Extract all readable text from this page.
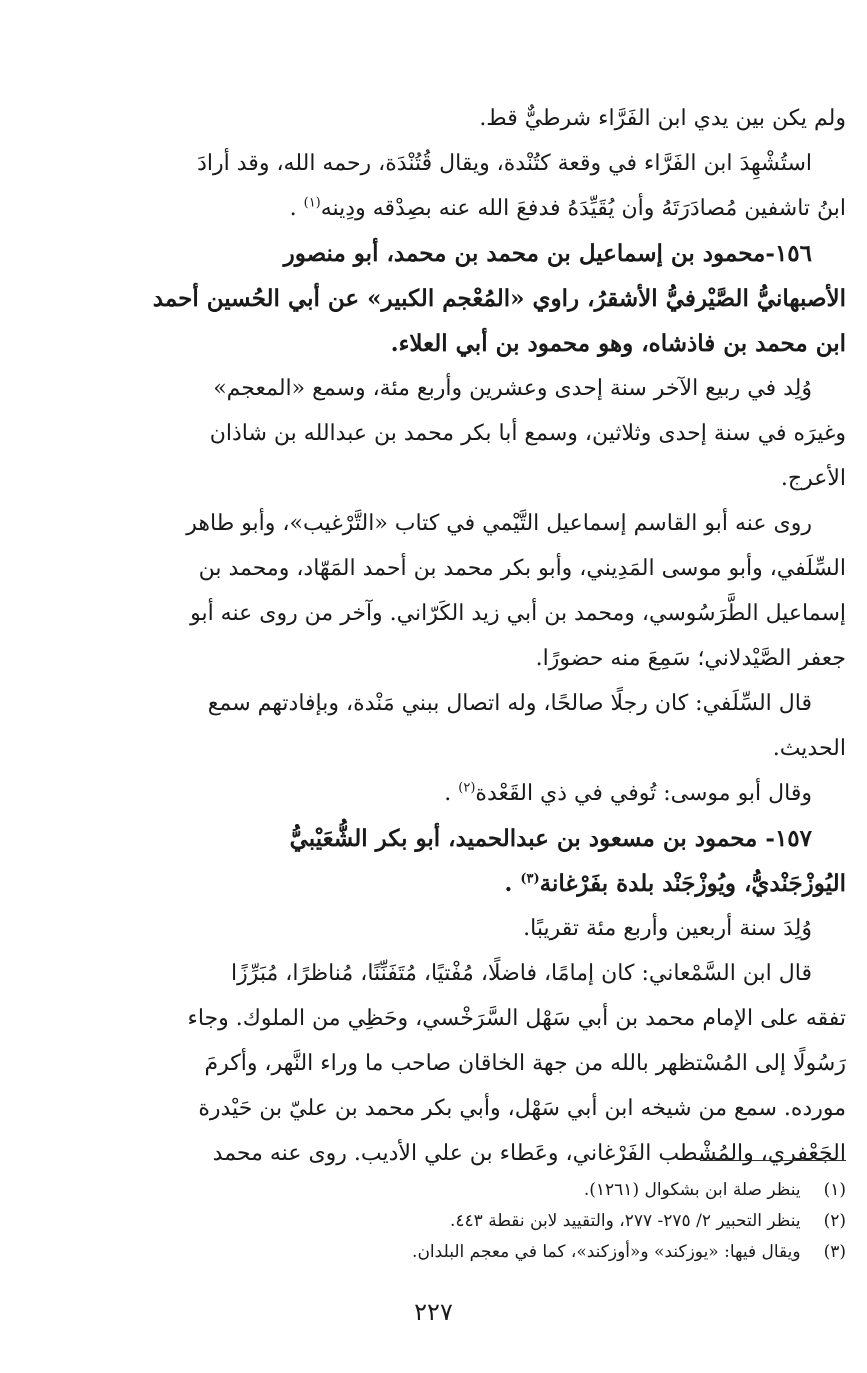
ولم يكن بين يدي ابن الفَرَّاء شرطيٌّ قط.
استُشْهِدَ ابن الفَرَّاء في وقعة كتُنْدة، ويقال قُتُنْدَة، رحمه الله، وقد أرادَ
ابنُ تاشفين مُصادَرَتَهُ وأن يُقَيِّدَهُ فدفعَ الله عنه بصِدْقه ودِينه$^{(١)}$ .
١٥٦-محمود بن إسماعيل بن محمد بن محمد، أبو منصور
الأصبهانيُّ الصَّيْرفيُّ الأشقرُ، راوي «المُعْجم الكبير» عن أبي الحُسين أحمد
ابن محمد بن فاذشاه، وهو محمود بن أبي العلاء.
وُلِد في ربيع الآخر سنة إحدى وعشرين وأربع مئة، وسمع «المعجم»
وغيرَه في سنة إحدى وثلاثين، وسمع أبا بكر محمد بن عبدالله بن شاذان
الأعرج.
روى عنه أبو القاسم إسماعيل التَّيْمي في كتاب «التَّرْغيب»، وأبو طاهر
السِّلَفي، وأبو موسى المَدِيني، وأبو بكر محمد بن أحمد المَهّاد، ومحمد بن
إسماعيل الطَّرَسُوسي، ومحمد بن أبي زيد الكَرّاني. وآخر من روى عنه أبو
جعفر الصَّيْدلاني؛ سَمِعَ منه حضورًا.
قال السِّلَفي: كان رجلًا صالحًا، وله اتصال ببني مَنْدة، وبإفادتهم سمع
الحديث.
وقال أبو موسى: تُوفي في ذي القَعْدة$^{(٢)}$ .
١٥٧- محمود بن مسعود بن عبدالحميد، أبو بكر الشُّعَيْبيُّ
اليُوزْجَنْديُّ، ويُوزْجَنْد بلدة بفَرْغانة$^{(٣)}$ .
وُلِدَ سنة أربعين وأربع مئة تقريبًا.
قال ابن السَّمْعاني: كان إمامًا، فاضلًا، مُفْتيًا، مُتَفَنِّنًا، مُناظرًا، مُبَرِّزًا
تفقه على الإمام محمد بن أبي سَهْل السَّرَخْسي، وحَظِي من الملوك. وجاء
رَسُولًا إلى المُسْتظهر بالله من جهة الخاقان صاحب ما وراء النَّهر، وأكرمَ
مورده. سمع من شيخه ابن أبي سَهْل، وأبي بكر محمد بن عليّ بن حَيْدرة
الجَعْفري، والمُشْطب الفَرْغاني، وعَطاء بن علي الأديب. روى عنه محمد
(١) ينظر صلة ابن بشكوال (١٢٦١).
(٢) ينظر التحبير ٢/ ٢٧٥- ٢٧٧، والتقييد لابن نقطة ٤٤٣.
(٣) ويقال فيها: «يوزكند» و«أوزكند»، كما في معجم البلدان.
٢٢٧
